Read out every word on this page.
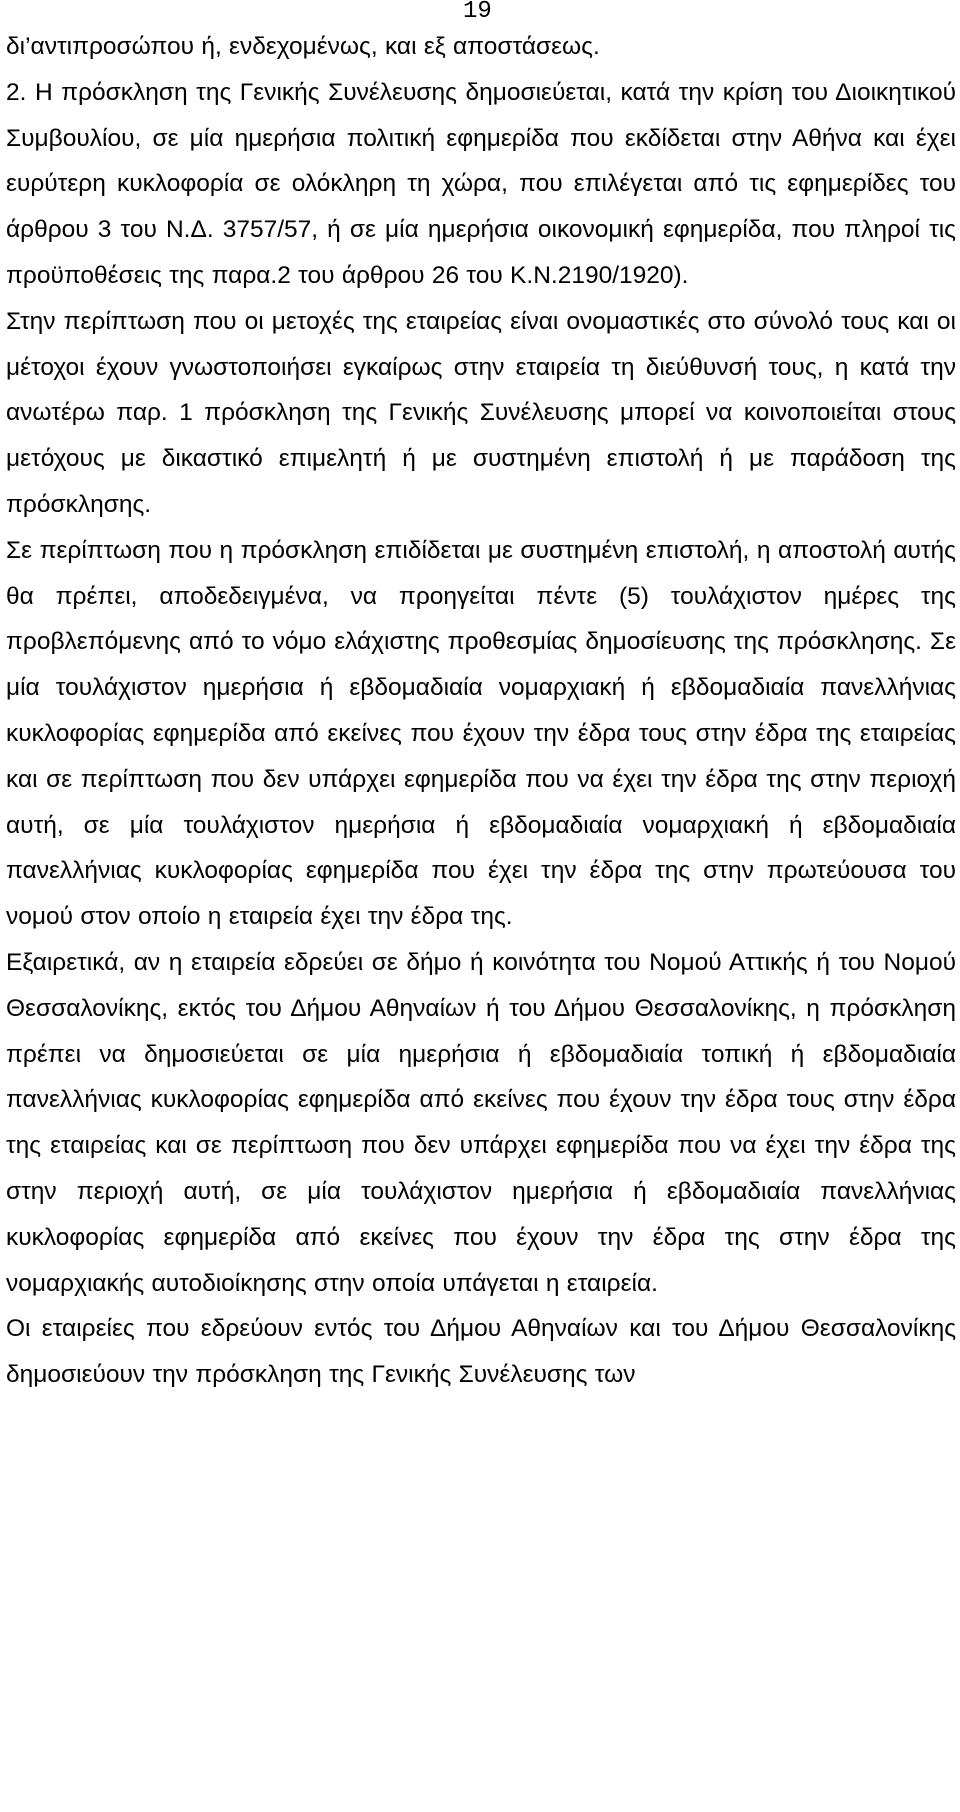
19

δι’αντιπροσώπου ή, ενδεχομένως, και εξ αποστάσεως.

2. Η πρόσκληση της Γενικής Συνέλευσης δημοσιεύεται, κατά την κρίση του Διοικητικού Συμβουλίου, σε μία ημερήσια πολιτική εφημερίδα που εκδίδεται στην Αθήνα και έχει ευρύτερη κυκλοφορία σε ολόκληρη τη χώρα, που επιλέγεται από τις εφημερίδες του άρθρου 3 του Ν.Δ. 3757/57, ή σε μία ημερήσια οικονομική εφημερίδα, που πληροί τις προϋποθέσεις της παρα.2 του άρθρου 26 του Κ.Ν.2190/1920).

Στην περίπτωση που οι μετοχές της εταιρείας είναι ονομαστικές στο σύνολό τους και οι μέτοχοι έχουν γνωστοποιήσει εγκαίρως στην εταιρεία τη διεύθυνσή τους, η κατά την ανωτέρω παρ. 1 πρόσκληση της Γενικής Συνέλευσης μπορεί να κοινοποιείται στους μετόχους με δικαστικό επιμελητή ή με συστημένη επιστολή ή με παράδοση της πρόσκλησης.

Σε περίπτωση που η πρόσκληση επιδίδεται με συστημένη επιστολή, η αποστολή αυτής θα πρέπει, αποδεδειγμένα, να προηγείται πέντε (5) τουλάχιστον ημέρες της προβλεπόμενης από το νόμο ελάχιστης προθεσμίας δημοσίευσης της πρόσκλησης. Σε μία τουλάχιστον ημερήσια ή εβδομαδιαία νομαρχιακή ή εβδομαδιαία πανελλήνιας κυκλοφορίας εφημερίδα από εκείνες που έχουν την έδρα τους στην έδρα της εταιρείας και σε περίπτωση που δεν υπάρχει εφημερίδα που να έχει την έδρα της στην περιοχή αυτή, σε μία τουλάχιστον ημερήσια ή εβδομαδιαία νομαρχιακή ή εβδομαδιαία πανελλήνιας κυκλοφορίας εφημερίδα που έχει την έδρα της στην πρωτεύουσα του νομού στον οποίο η εταιρεία έχει την έδρα της.

Εξαιρετικά, αν η εταιρεία εδρεύει σε δήμο ή κοινότητα του Νομού Αττικής ή του Νομού Θεσσαλονίκης, εκτός του Δήμου Αθηναίων ή του Δήμου Θεσσαλονίκης, η πρόσκληση πρέπει να δημοσιεύεται σε μία ημερήσια ή εβδομαδιαία τοπική ή εβδομαδιαία πανελλήνιας κυκλοφορίας εφημερίδα από εκείνες που έχουν την έδρα τους στην έδρα της εταιρείας και σε περίπτωση που δεν υπάρχει εφημερίδα που να έχει την έδρα της στην περιοχή αυτή, σε μία τουλάχιστον ημερήσια ή εβδομαδιαία πανελλήνιας κυκλοφορίας εφημερίδα από εκείνες που έχουν την έδρα της στην έδρα της νομαρχιακής αυτοδιοίκησης στην οποία υπάγεται η εταιρεία.

Οι εταιρείες που εδρεύουν εντός του Δήμου Αθηναίων και του Δήμου Θεσσαλονίκης δημοσιεύουν την πρόσκληση της Γενικής Συνέλευσης των
